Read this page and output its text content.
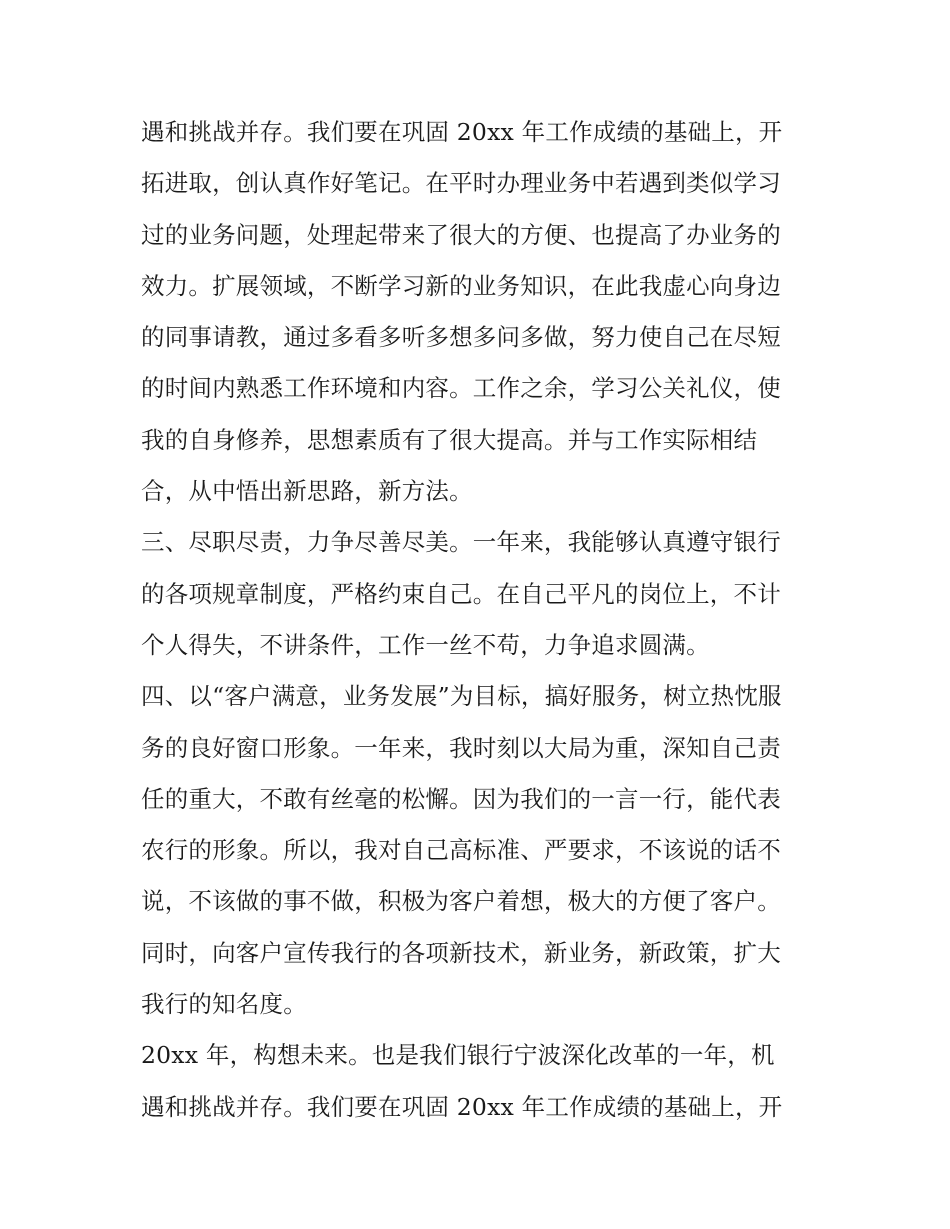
遇和挑战并存。我们要在巩固 20xx 年工作成绩的基础上，开
拓进取，创认真作好笔记。在平时办理业务中若遇到类似学习
过的业务问题，处理起带来了很大的方便、也提高了办业务的
效力。扩展领域，不断学习新的业务知识，在此我虚心向身边
的同事请教，通过多看多听多想多问多做，努力使自己在尽短
的时间内熟悉工作环境和内容。工作之余，学习公关礼仪，使
我的自身修养，思想素质有了很大提高。并与工作实际相结
合，从中悟出新思路，新方法。
三、尽职尽责，力争尽善尽美。一年来，我能够认真遵守银行
的各项规章制度，严格约束自己。在自己平凡的岗位上，不计
个人得失，不讲条件，工作一丝不苟，力争追求圆满。
四、以“客户满意，业务发展”为目标，搞好服务，树立热忱服
务的良好窗口形象。一年来，我时刻以大局为重，深知自己责
任的重大，不敢有丝毫的松懈。因为我们的一言一行，能代表
农行的形象。所以，我对自己高标准、严要求，不该说的话不
说，不该做的事不做，积极为客户着想，极大的方便了客户。
同时，向客户宣传我行的各项新技术，新业务，新政策，扩大
我行的知名度。
20xx 年，构想未来。也是我们银行宁波深化改革的一年，机
遇和挑战并存。我们要在巩固 20xx 年工作成绩的基础上，开
